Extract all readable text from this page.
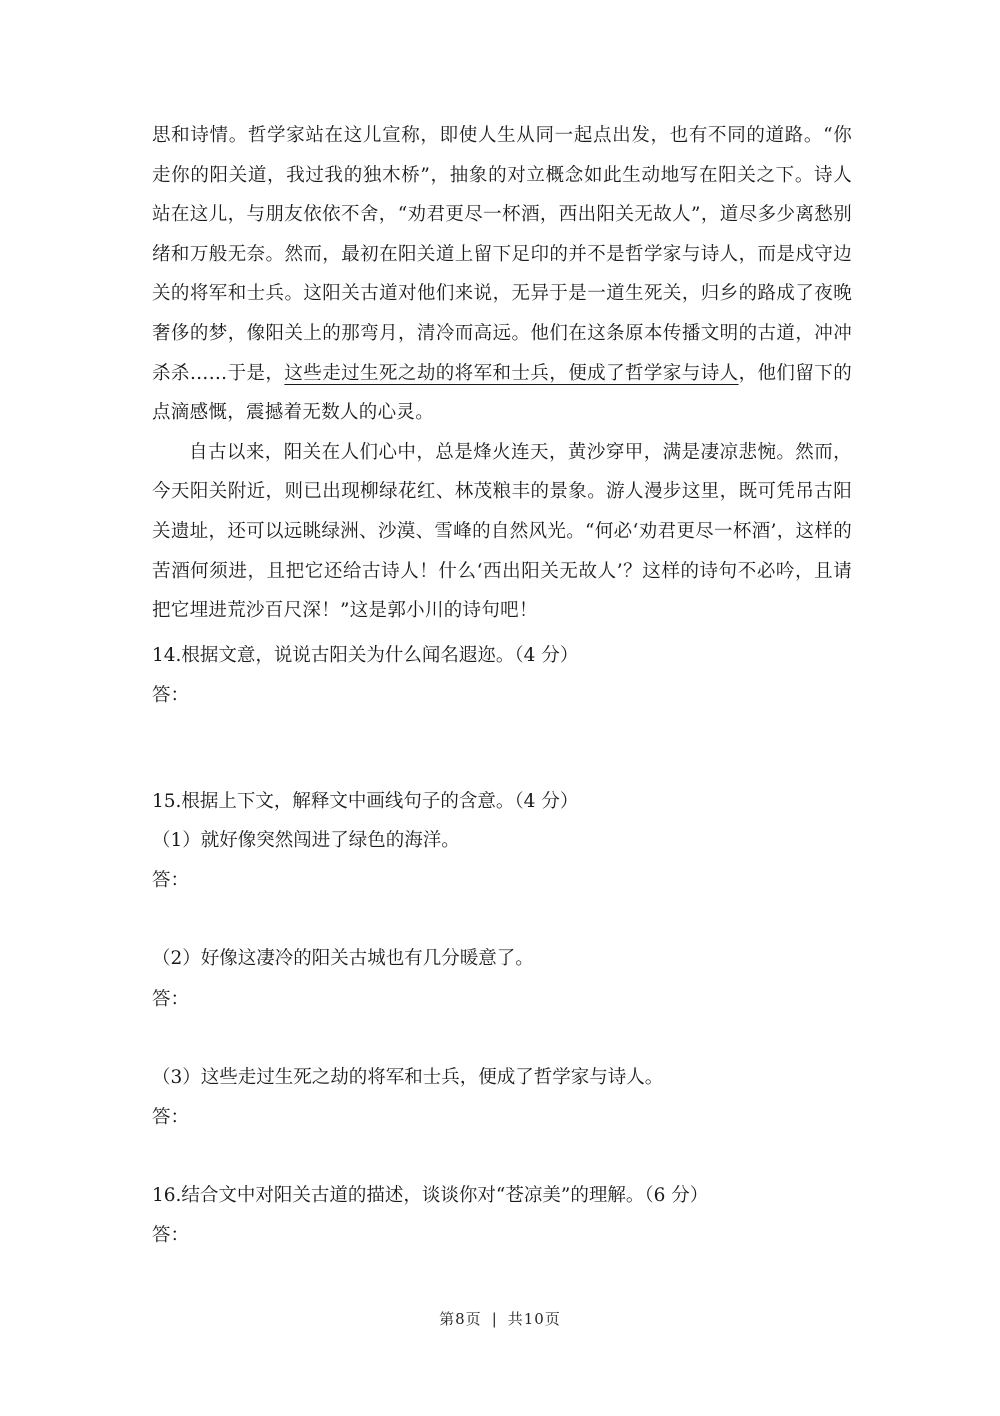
思和诗情。哲学家站在这儿宣称，即使人生从同一起点出发，也有不同的道路。“你走你的阳关道，我过我的独木桥”，抽象的对立概念如此生动地写在阳关之下。诗人站在这儿，与朋友依依不舍，“劝君更尽一杯酒，西出阳关无故人”，道尽多少离愁别绪和万般无奈。然而，最初在阳关道上留下足印的并不是哲学家与诗人，而是戍守边关的将军和士兵。这阳关古道对他们来说，无异于是一道生死关，归乡的路成了夜晚奢侈的梦，像阳关上的那弯月，清冷而高远。他们在这条原本传播文明的古道，冲冲杀杀……于是，这些走过生死之劫的将军和士兵，便成了哲学家与诗人，他们留下的点滴感慨，震撼着无数人的心灵。

自古以来，阳关在人们心中，总是烽火连天，黄沙穿甲，满是凄凉悲惋。然而，今天阳关附近，则已出现柳绿花红、林茂粮丰的景象。游人漫步这里，既可凭吊古阳关遗址，还可以远眺绿洲、沙漠、雪峰的自然风光。“何必‘劝君更尽一杯酒’，这样的苦酒何须进，且把它还给古诗人！什么‘西出阳关无故人’？这样的诗句不必吟，且请把它埋进荒沙百尺深！”这是郭小川的诗句吧！

14.根据文意，说说古阳关为什么闻名遐迩。（4 分）

答：

15.根据上下文，解释文中画线句子的含意。（4 分）

（1）就好像突然闯进了绿色的海洋。

答：

（2）好像这凄冷的阳关古城也有几分暖意了。

答：

（3）这些走过生死之劫的将军和士兵，便成了哲学家与诗人。

答：

16.结合文中对阳关古道的描述，谈谈你对“苍凉美”的理解。（6 分）

答：

第8页 | 共10页
